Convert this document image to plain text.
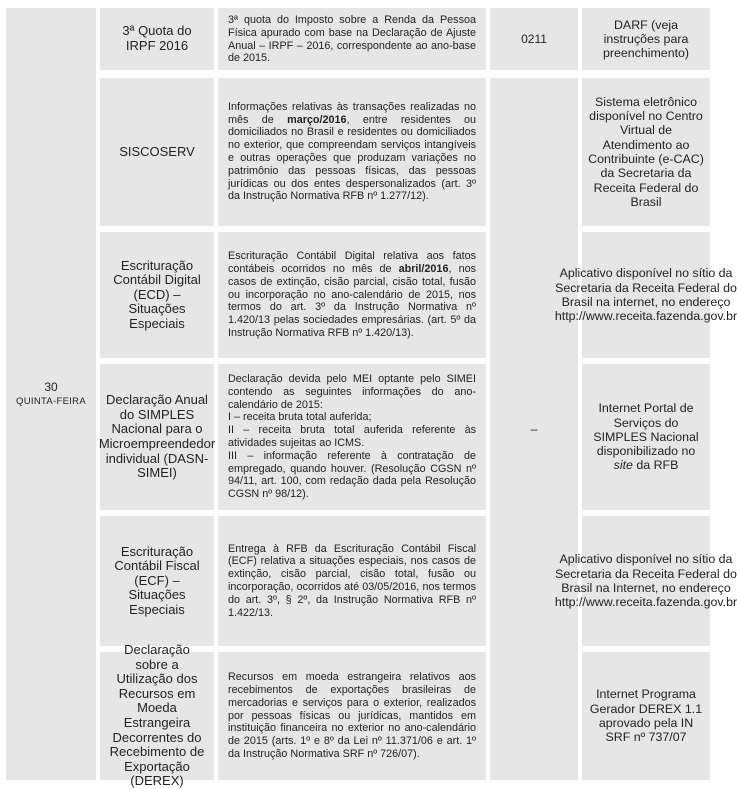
30
QUINTA-FEIRA
0211
–
3ª Quota do IRPF 2016
3ª quota do Imposto sobre a Renda da Pessoa Física apurado com base na Declaração de Ajuste Anual – IRPF – 2016, correspondente ao ano-base de 2015.
DARF (veja instruções para preenchimento)
SISCOSERV
Informações relativas às transações realizadas no mês de março/2016, entre residentes ou domiciliados no Brasil e residentes ou domiciliados no exterior, que compreendam serviços intangíveis e outras operações que produzam variações no patrimônio das pessoas físicas, das pessoas jurídicas ou dos entes despersonalizados (art. 3º da Instrução Normativa RFB nº 1.277/12).
Sistema eletrônico disponível no Centro Virtual de Atendimento ao Contribuinte (e-CAC) da Secretaria da Receita Federal do Brasil
Escrituração Contábil Digital (ECD) – Situações Especiais
Escrituração Contábil Digital relativa aos fatos contábeis ocorridos no mês de abril/2016, nos casos de extinção, cisão parcial, cisão total, fusão ou incorporação no ano-calendário de 2015, nos termos do art. 3º da Instrução Normativa nº 1.420/13 pelas sociedades empresárias. (art. 5º da Instrução Normativa RFB nº 1.420/13).
Aplicativo disponível no sítio da Secretaria da Receita Federal do Brasil na internet, no endereço http://www.receita.fazenda.gov.br
Declaração Anual do SIMPLES Nacional para o Microempreendedor individual (DASN-SIMEI)
Declaração devida pelo MEI optante pelo SIMEI contendo as seguintes informações do ano-calendário de 2015:
I – receita bruta total auferida;
II – receita bruta total auferida referente às atividades sujeitas ao ICMS.
III – informação referente à contratação de empregado, quando houver. (Resolução CGSN nº 94/11, art. 100, com redação dada pela Resolução CGSN nº 98/12).
Internet Portal de Serviços do SIMPLES Nacional disponibilizado no site da RFB
Escrituração Contábil Fiscal (ECF) – Situações Especiais
Entrega à RFB da Escrituração Contábil Fiscal (ECF) relativa a situações especiais, nos casos de extinção, cisão parcial, cisão total, fusão ou incorporação, ocorridos até 03/05/2016, nos termos do art. 3º, § 2º, da Instrução Normativa RFB nº 1.422/13.
Aplicativo disponível no sítio da Secretaria da Receita Federal do Brasil na Internet, no endereço http://www.receita.fazenda.gov.br
Declaração sobre a Utilização dos Recursos em Moeda Estrangeira Decorrentes do Recebimento de Exportação (DEREX)
Recursos em moeda estrangeira relativos aos recebimentos de exportações brasileiras de mercadorias e serviços para o exterior, realizados por pessoas físicas ou jurídicas, mantidos em instituição financeira no exterior no ano-calendário de 2015 (arts. 1º e 8º da Lei nº 11.371/06 e art. 1º da Instrução Normativa SRF nº 726/07).
Internet Programa Gerador DEREX 1.1 aprovado pela IN SRF nº 737/07
